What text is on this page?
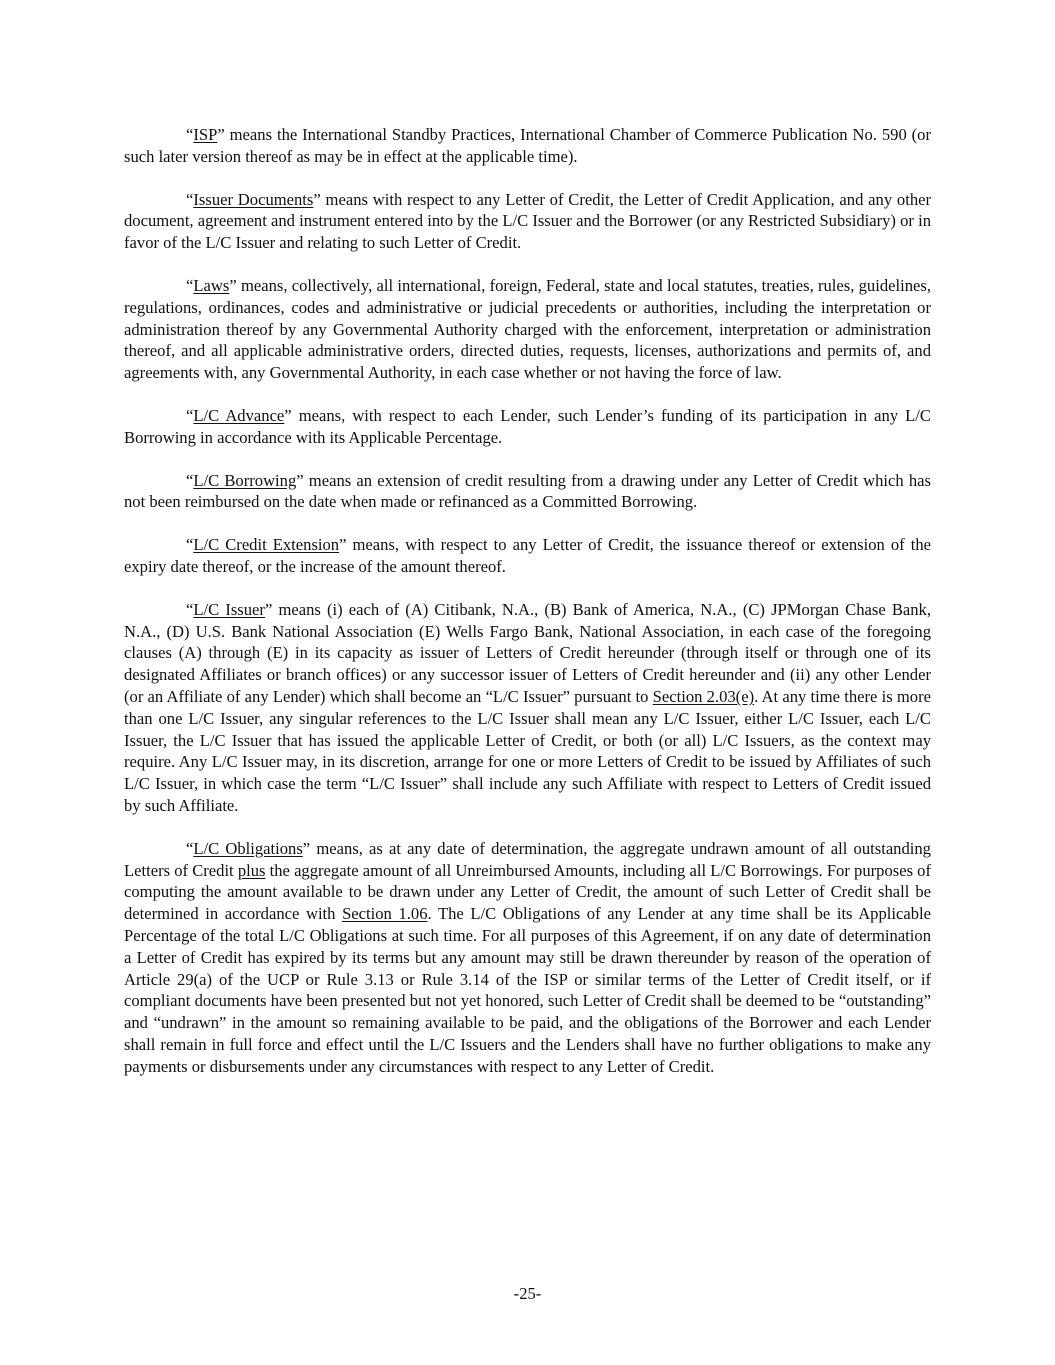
“ISP” means the International Standby Practices, International Chamber of Commerce Publication No. 590 (or such later version thereof as may be in effect at the applicable time).

“Issuer Documents” means with respect to any Letter of Credit, the Letter of Credit Application, and any other document, agreement and instrument entered into by the L/C Issuer and the Borrower (or any Restricted Subsidiary) or in favor of the L/C Issuer and relating to such Letter of Credit.

“Laws” means, collectively, all international, foreign, Federal, state and local statutes, treaties, rules, guidelines, regulations, ordinances, codes and administrative or judicial precedents or authorities, including the interpretation or administration thereof by any Governmental Authority charged with the enforcement, interpretation or administration thereof, and all applicable administrative orders, directed duties, requests, licenses, authorizations and permits of, and agreements with, any Governmental Authority, in each case whether or not having the force of law.

“L/C Advance” means, with respect to each Lender, such Lender’s funding of its participation in any L/C Borrowing in accordance with its Applicable Percentage.

“L/C Borrowing” means an extension of credit resulting from a drawing under any Letter of Credit which has not been reimbursed on the date when made or refinanced as a Committed Borrowing.

“L/C Credit Extension” means, with respect to any Letter of Credit, the issuance thereof or extension of the expiry date thereof, or the increase of the amount thereof.

“L/C Issuer” means (i) each of (A) Citibank, N.A., (B) Bank of America, N.A., (C) JPMorgan Chase Bank, N.A., (D) U.S. Bank National Association (E) Wells Fargo Bank, National Association, in each case of the foregoing clauses (A) through (E) in its capacity as issuer of Letters of Credit hereunder (through itself or through one of its designated Affiliates or branch offices) or any successor issuer of Letters of Credit hereunder and (ii) any other Lender (or an Affiliate of any Lender) which shall become an “L/C Issuer” pursuant to Section 2.03(e). At any time there is more than one L/C Issuer, any singular references to the L/C Issuer shall mean any L/C Issuer, either L/C Issuer, each L/C Issuer, the L/C Issuer that has issued the applicable Letter of Credit, or both (or all) L/C Issuers, as the context may require. Any L/C Issuer may, in its discretion, arrange for one or more Letters of Credit to be issued by Affiliates of such L/C Issuer, in which case the term “L/C Issuer” shall include any such Affiliate with respect to Letters of Credit issued by such Affiliate.

“L/C Obligations” means, as at any date of determination, the aggregate undrawn amount of all outstanding Letters of Credit plus the aggregate amount of all Unreimbursed Amounts, including all L/C Borrowings. For purposes of computing the amount available to be drawn under any Letter of Credit, the amount of such Letter of Credit shall be determined in accordance with Section 1.06. The L/C Obligations of any Lender at any time shall be its Applicable Percentage of the total L/C Obligations at such time. For all purposes of this Agreement, if on any date of determination a Letter of Credit has expired by its terms but any amount may still be drawn thereunder by reason of the operation of Article 29(a) of the UCP or Rule 3.13 or Rule 3.14 of the ISP or similar terms of the Letter of Credit itself, or if compliant documents have been presented but not yet honored, such Letter of Credit shall be deemed to be “outstanding” and “undrawn” in the amount so remaining available to be paid, and the obligations of the Borrower and each Lender shall remain in full force and effect until the L/C Issuers and the Lenders shall have no further obligations to make any payments or disbursements under any circumstances with respect to any Letter of Credit.

-25-
